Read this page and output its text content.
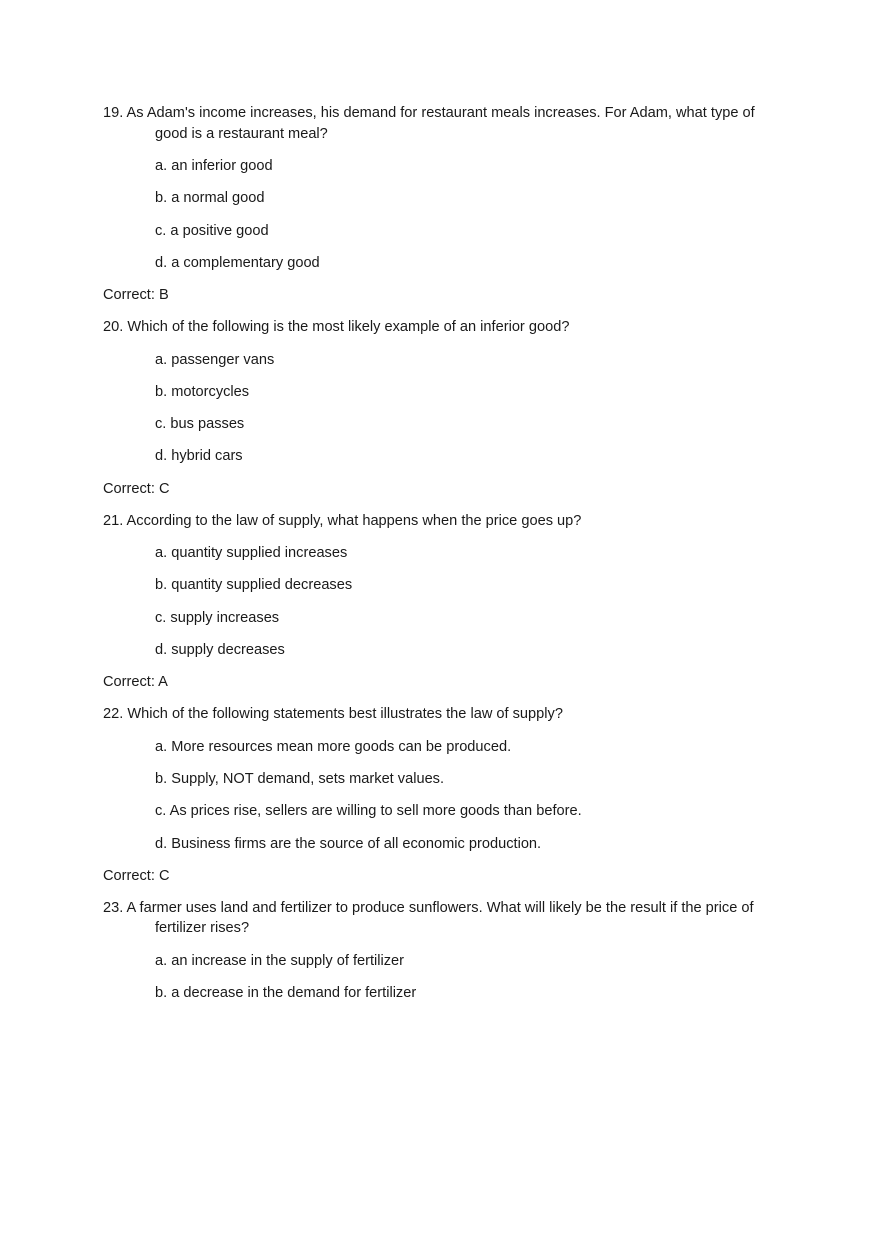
19. As Adam's income increases, his demand for restaurant meals increases. For Adam, what type of good is a restaurant meal?

a. an inferior good

b. a normal good

c. a positive good

d. a complementary good

Correct: B

20. Which of the following is the most likely example of an inferior good?

a. passenger vans

b. motorcycles

c. bus passes

d. hybrid cars

Correct: C

21. According to the law of supply, what happens when the price goes up?

a. quantity supplied increases

b. quantity supplied decreases

c. supply increases

d. supply decreases

Correct: A

22. Which of the following statements best illustrates the law of supply?

a. More resources mean more goods can be produced.

b. Supply, NOT demand, sets market values.

c. As prices rise, sellers are willing to sell more goods than before.

d. Business firms are the source of all economic production.

Correct: C

23. A farmer uses land and fertilizer to produce sunflowers. What will likely be the result if the price of fertilizer rises?

a. an increase in the supply of fertilizer

b. a decrease in the demand for fertilizer
